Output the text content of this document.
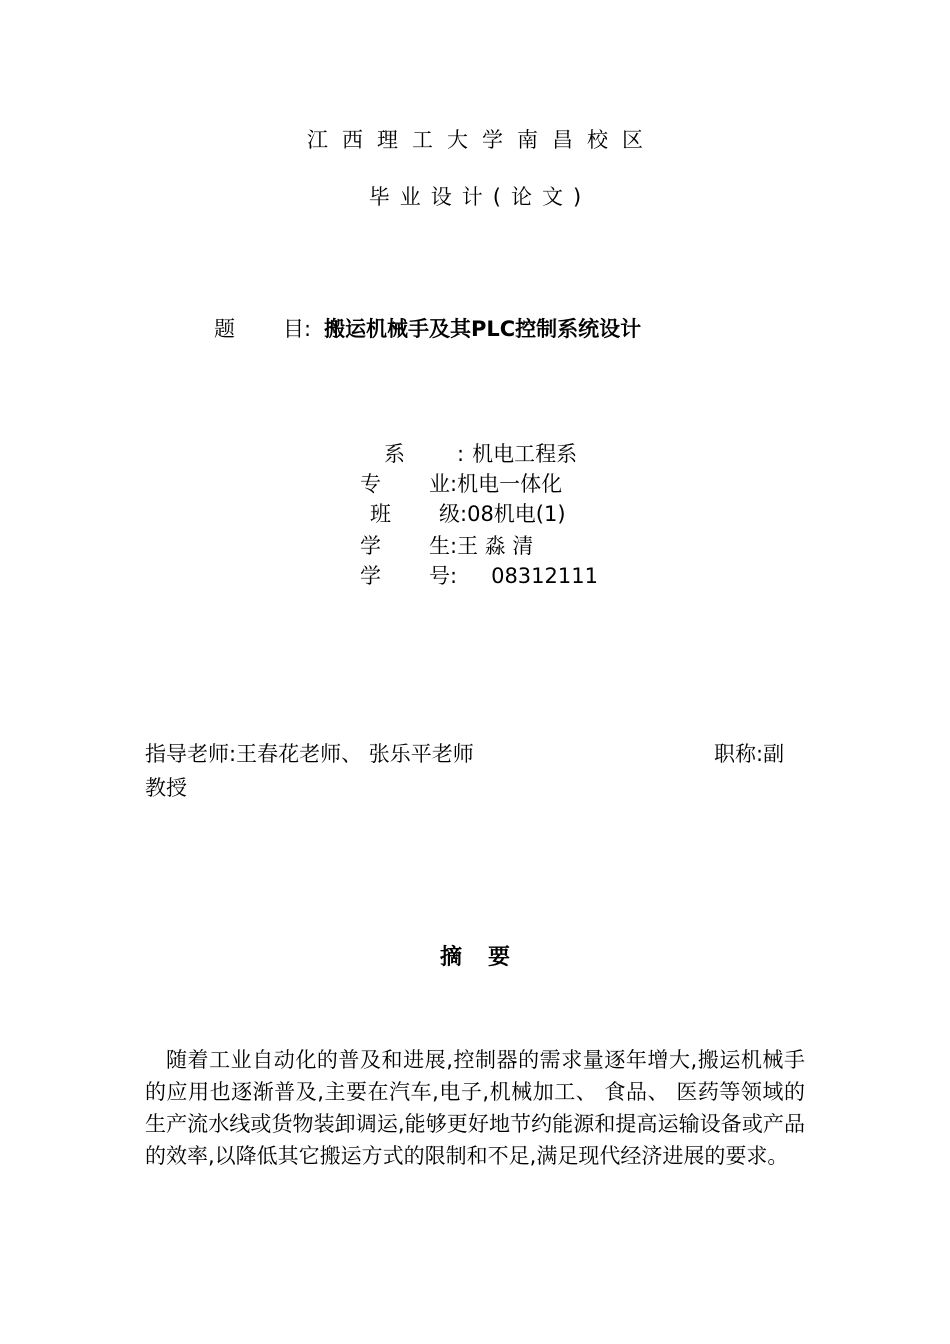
江西理工大学南昌校区
毕业设计(论文)
题 目: 搬运机械手及其PLC控制系统设计
系 : 机电工程系
专 业:机电一体化
班 级:08机电(1)
学 生:王 淼 清
学 号: 08312111
指导老师:王春花老师、 张乐平老师	职称:副
教授
摘要
随着工业自动化的普及和进展,控制器的需求量逐年增大,搬运机械手的应用也逐渐普及,主要在汽车,电子,机械加工、 食品、 医药等领域的生产流水线或货物装卸调运,能够更好地节约能源和提高运输设备或产品的效率,以降低其它搬运方式的限制和不足,满足现代经济进展的要求。
